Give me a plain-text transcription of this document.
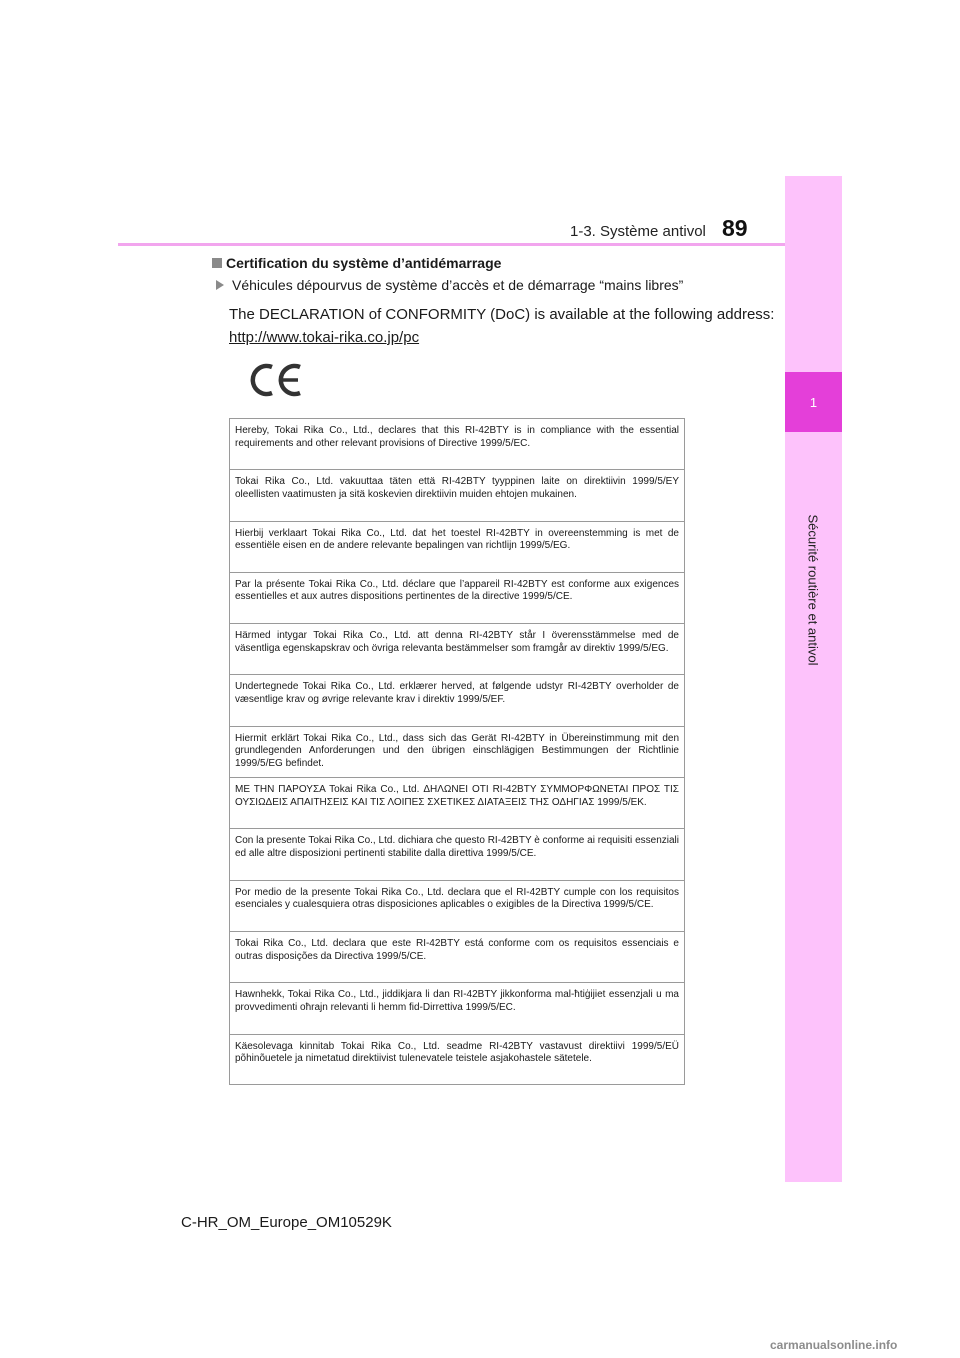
1
Sécurité routière et antivol
1-3. Système antivol 89
Certification du système d’antidémarrage
Véhicules dépourvus de système d’accès et de démarrage “mains libres”
The DECLARATION of CONFORMITY (DoC) is available at the following address:
http://www.tokai-rika.co.jp/pc
Hereby, Tokai Rika Co., Ltd., declares that this RI-42BTY is in compliance with the essential requirements and other relevant provisions of Directive 1999/5/EC.
Tokai Rika Co., Ltd. vakuuttaa täten että RI-42BTY tyyppinen laite on direktiivin 1999/5/EY oleellisten vaatimusten ja sitä koskevien direktiivin muiden ehtojen mukainen.
Hierbij verklaart Tokai Rika Co., Ltd. dat het toestel RI-42BTY in overeenstemming is met de essentiële eisen en de andere relevante bepalingen van richtlijn 1999/5/EG.
Par la présente Tokai Rika Co., Ltd. déclare que l’appareil RI-42BTY est conforme aux exigences essentielles et aux autres dispositions pertinentes de la directive 1999/5/CE.
Härmed intygar Tokai Rika Co., Ltd. att denna RI-42BTY står I överensstämmelse med de väsentliga egenskapskrav och övriga relevanta bestämmelser som framgår av direktiv 1999/5/EG.
Undertegnede Tokai Rika Co., Ltd. erklærer herved, at følgende udstyr RI-42BTY overholder de væsentlige krav og øvrige relevante krav i direktiv 1999/5/EF.
Hiermit erklärt Tokai Rika Co., Ltd., dass sich das Gerät RI-42BTY in Übereinstimmung mit den grundlegenden Anforderungen und den übrigen einschlägigen Bestimmungen der Richtlinie 1999/5/EG befindet.
ΜΕ ΤΗΝ ΠΑΡΟΥΣΑ Tokai Rika Co., Ltd. ΔΗΛΩΝΕΙ ΟΤΙ RI-42BTY ΣΥΜΜΟΡΦΩΝΕΤΑΙ ΠΡΟΣ ΤΙΣ ΟΥΣΙΩΔΕΙΣ ΑΠΑΙΤΗΣΕΙΣ ΚΑΙ ΤΙΣ ΛΟΙΠΕΣ ΣΧΕΤΙΚΕΣ ΔΙΑΤΑΞΕΙΣ ΤΗΣ ΟΔΗΓΙΑΣ 1999/5/ΕΚ.
Con la presente Tokai Rika Co., Ltd. dichiara che questo RI-42BTY è conforme ai requisiti essenziali ed alle altre disposizioni pertinenti stabilite dalla direttiva 1999/5/CE.
Por medio de la presente Tokai Rika Co., Ltd. declara que el RI-42BTY cumple con los requisitos esenciales y cualesquiera otras disposiciones aplicables o exigibles de la Directiva 1999/5/CE.
Tokai Rika Co., Ltd. declara que este RI-42BTY está conforme com os requisitos essenciais e outras disposições da Directiva 1999/5/CE.
Hawnhekk, Tokai Rika Co., Ltd., jiddikjara li dan RI-42BTY jikkonforma mal-ħtiġijiet essenzjali u ma provvedimenti oħrajn relevanti li hemm fid-Dirrettiva 1999/5/EC.
Käesolevaga kinnitab Tokai Rika Co., Ltd. seadme RI-42BTY vastavust direktiivi 1999/5/EÜ põhinõuetele ja nimetatud direktiivist tulenevatele teistele asjakohastele sätetele.
C-HR_OM_Europe_OM10529K
carmanualsonline.info
